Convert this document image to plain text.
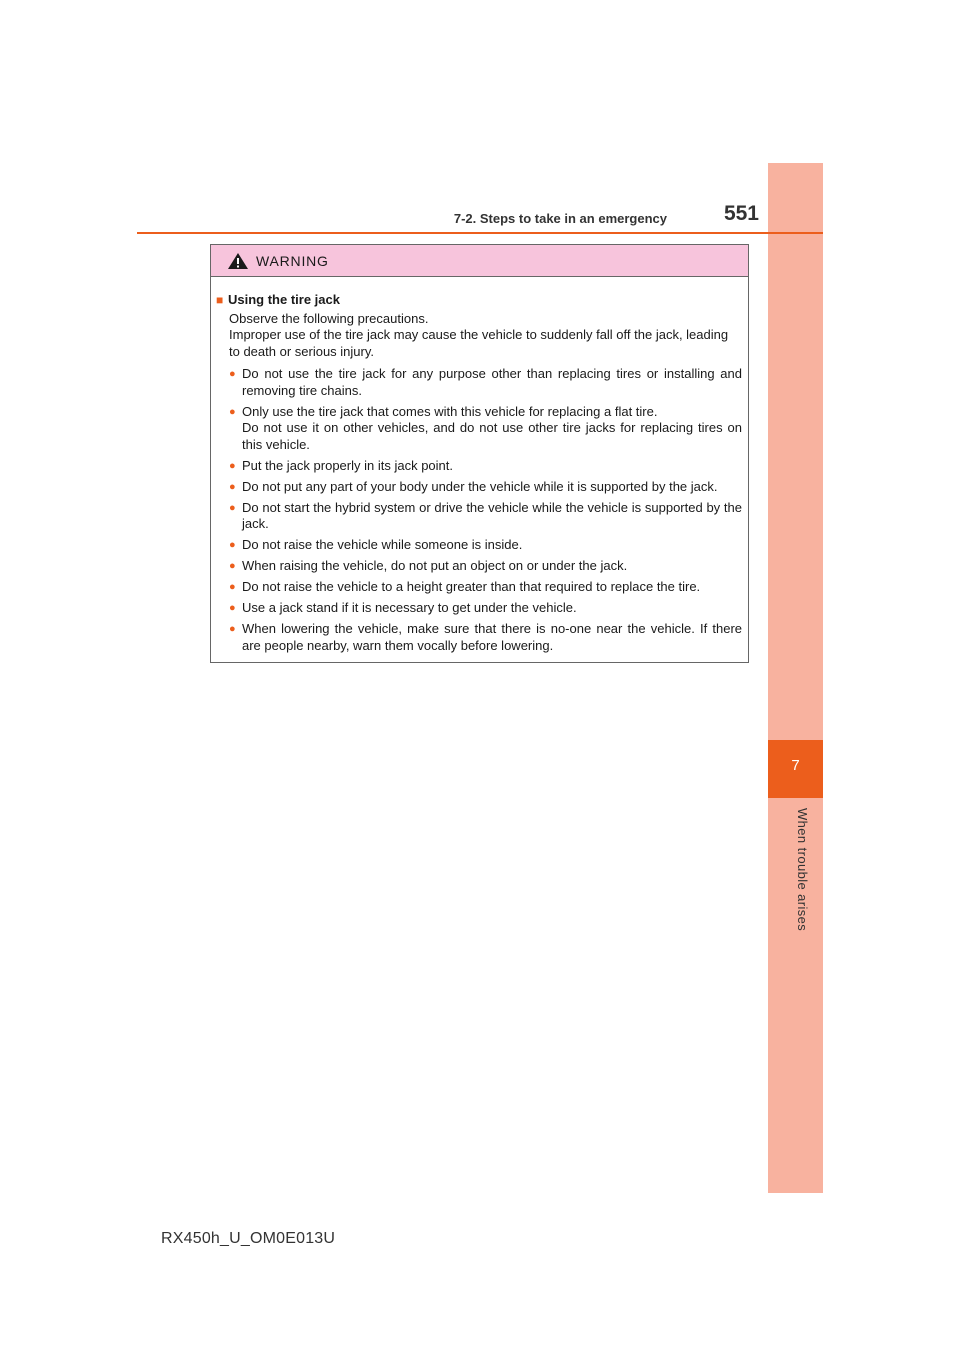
7
When trouble arises
7-2. Steps to take in an emergency	551
WARNING
■ Using the tire jack
Observe the following precautions.
Improper use of the tire jack may cause the vehicle to suddenly fall off the jack, leading to death or serious injury.
● Do not use the tire jack for any purpose other than replacing tires or installing and removing tire chains.
● Only use the tire jack that comes with this vehicle for replacing a flat tire.
Do not use it on other vehicles, and do not use other tire jacks for replacing tires on this vehicle.
● Put the jack properly in its jack point.
● Do not put any part of your body under the vehicle while it is supported by the jack.
● Do not start the hybrid system or drive the vehicle while the vehicle is supported by the jack.
● Do not raise the vehicle while someone is inside.
● When raising the vehicle, do not put an object on or under the jack.
● Do not raise the vehicle to a height greater than that required to replace the tire.
● Use a jack stand if it is necessary to get under the vehicle.
● When lowering the vehicle, make sure that there is no-one near the vehicle. If there are people nearby, warn them vocally before lowering.
RX450h_U_OM0E013U
